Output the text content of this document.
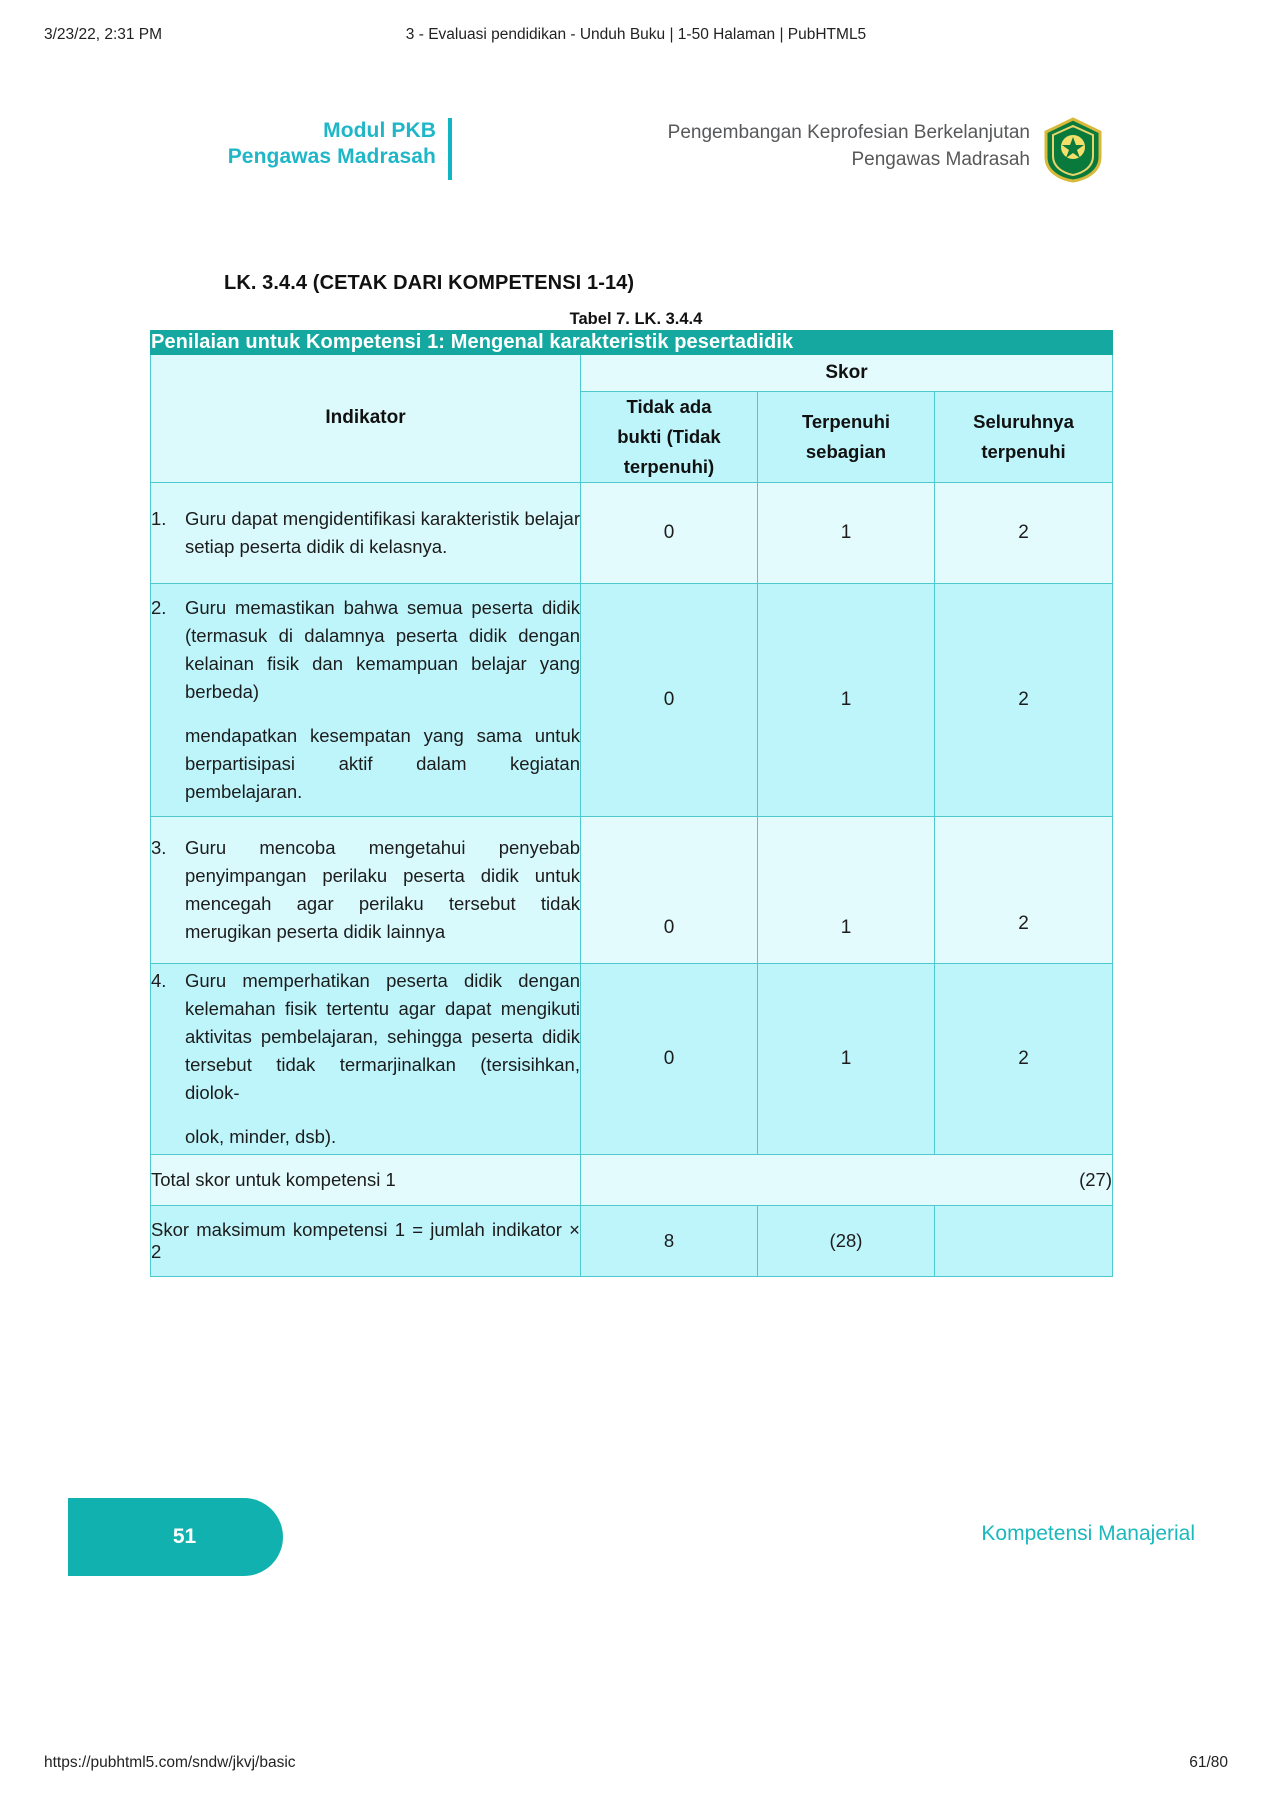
3/23/22, 2:31 PM	3 - Evaluasi pendidikan - Unduh Buku | 1-50 Halaman | PubHTML5
Modul PKB
Pengawas Madrasah
Pengembangan Keprofesian Berkelanjutan
Pengawas Madrasah
LK. 3.4.4 (CETAK DARI KOMPETENSI 1-14)
Tabel 7. LK. 3.4.4
Penilaian untuk Kompetensi 1: Mengenal karakteristik pesertadidik			
Indikator	Skor		

Tidak ada
bukti (Tidak
terpenuhi)

Terpenuhi
sebagian

Seluruhnya
terpenuhi

1. Guru dapat mengidentifikasi karakteristik belajar setiap peserta didik di kelasnya.	0	1	2

2. Guru memastikan bahwa semua peserta didik (termasuk di dalamnya peserta didik dengan kelainan fisik dan kemampuan belajar yang berbeda)
mendapatkan kesempatan yang sama untuk berpartisipasi aktif dalam kegiatan pembelajaran.	0	1	2

3. Guru mencoba mengetahui penyebab penyimpangan perilaku peserta didik untuk mencegah agar perilaku tersebut tidak merugikan peserta didik lainnya	0	1	2

4. Guru memperhatikan peserta didik dengan kelemahan fisik tertentu agar dapat mengikuti aktivitas pembelajaran, sehingga peserta didik tersebut tidak termarjinalkan (tersisihkan, diolok-
olok, minder, dsb).	0	1	2
Total skor untuk kompetensi 1	(27)		

Skor maksimum kompetensi 1 = jumlah indikator × 2	8	(28)	
51	Kompetensi Manajerial
https://pubhtml5.com/sndw/jkvj/basic	61/80
